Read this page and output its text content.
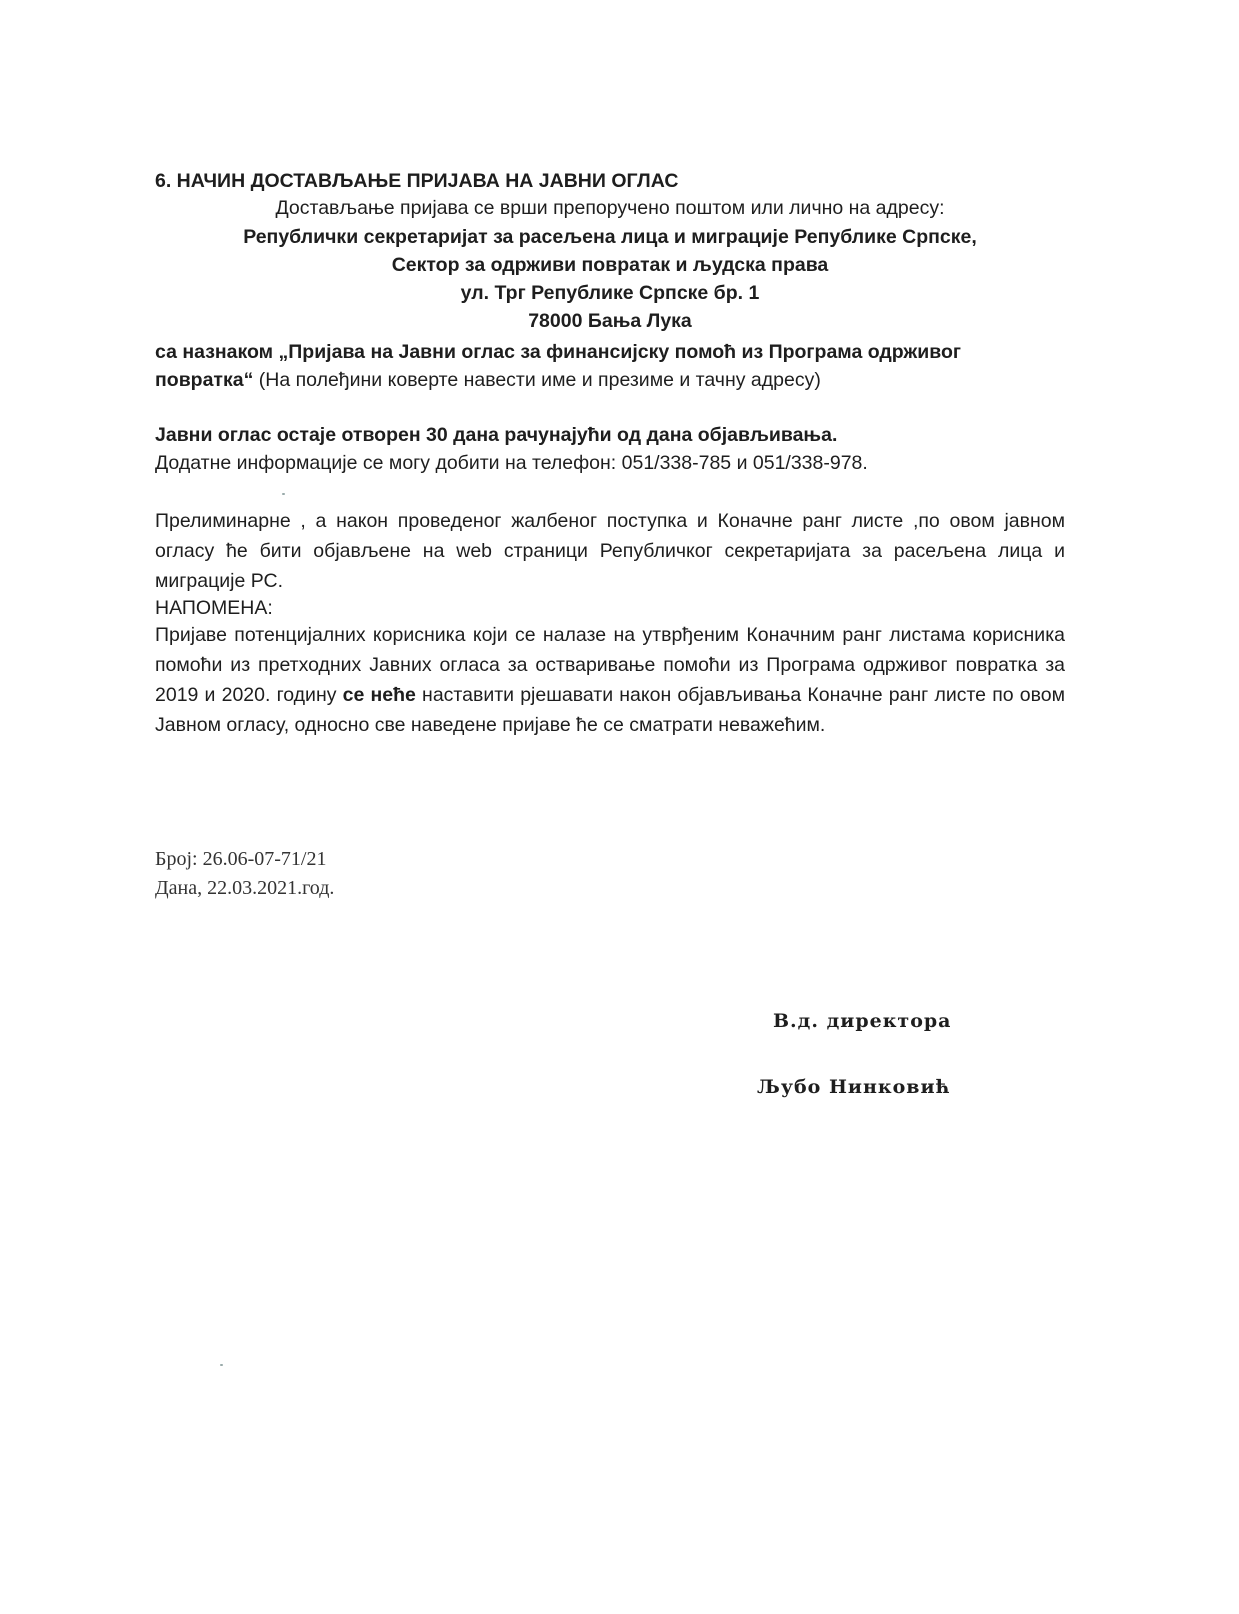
6. НАЧИН ДОСТАВЉАЊЕ ПРИЈАВА НА ЈАВНИ ОГЛАС
Достављање пријава се врши препоручено поштом или лично на адресу:
Републички секретаријат за расељена лица и миграције Републике Српске,
Сектор за одрживи повратак и људска права
ул. Трг Републике Српске бр. 1
78000 Бања Лука
са назнаком „Пријава на Јавни оглас за финансијску помоћ из Програма одрживог
повратка“ (На полеђини коверте навести име и презиме и тачну адресу)
Јавни оглас остаје отворен 30 дана рачунајући од дана објављивања.
Додатне информације се могу добити на телефон: 051/338-785 и 051/338-978.
Прелиминарне , а након проведеног жалбеног поступка и Коначне ранг листе ,по овом јавном огласу ће бити објављене на web страници Републичког секретаријата за расељена лица и миграције РС.
НАПОМЕНА:
Пријаве потенцијалних корисника који се налазе на утврђеним Коначним ранг листама корисника помоћи из претходних Јавних огласа за остваривање помоћи из Програма одрживог повратка за 2019 и 2020. годину се неће наставити рјешавати након објављивања Коначне ранг листе по овом Јавном огласу, односно све наведене пријаве ће се сматрати неважећим.
Број: 26.06-07-71/21
Дана, 22.03.2021.год.
В.д. директора
Љубо Нинковић
